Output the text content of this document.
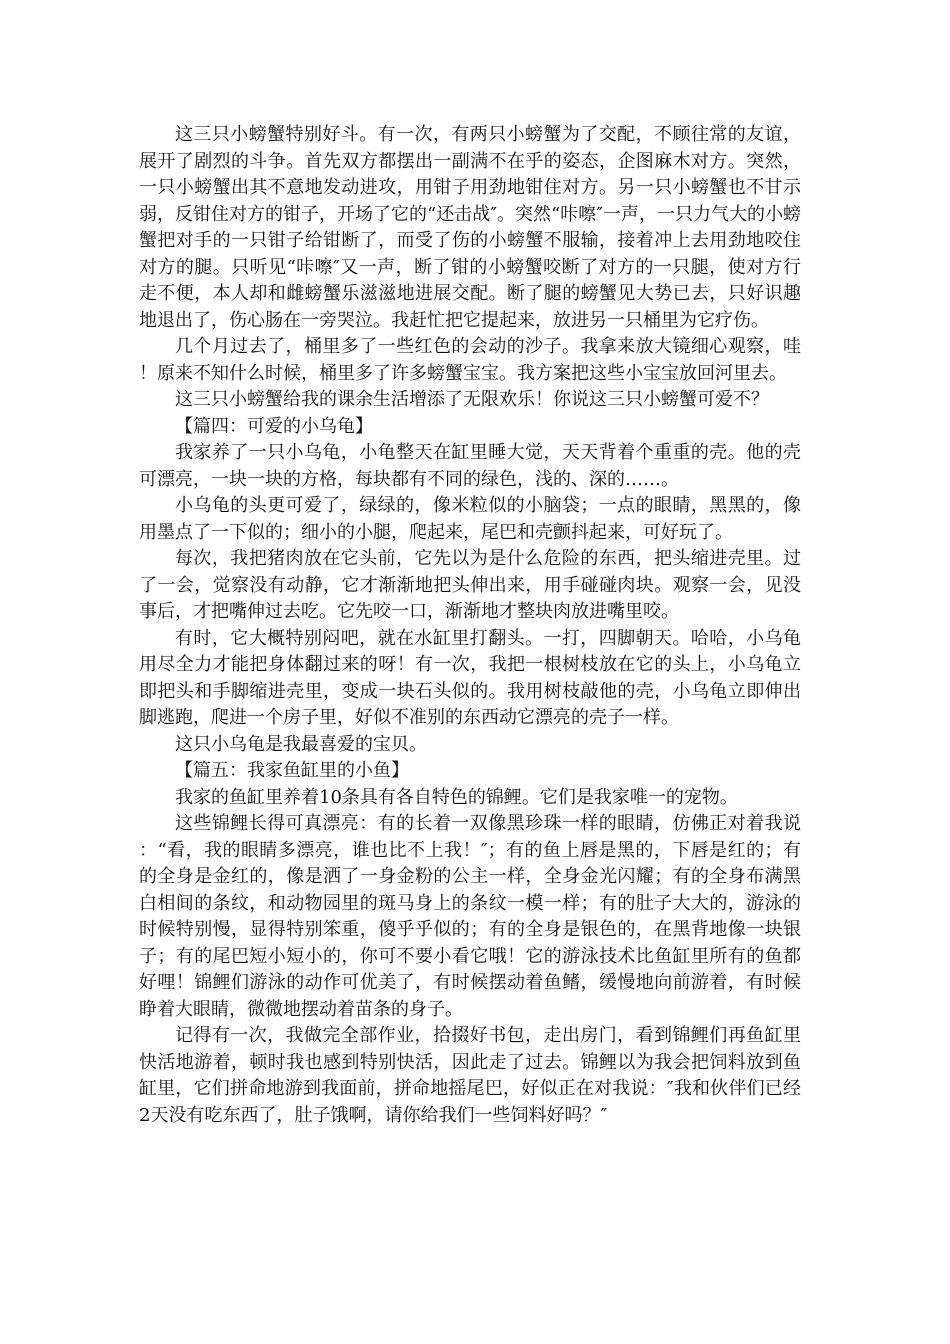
这三只小螃蟹特别好斗。有一次，有两只小螃蟹为了交配，不顾往常的友谊，展开了剧烈的斗争。首先双方都摆出一副满不在乎的姿态，企图麻木对方。突然，一只小螃蟹出其不意地发动进攻，用钳子用劲地钳住对方。另一只小螃蟹也不甘示弱，反钳住对方的钳子，开场了它的“还击战″。突然“咔嚓″一声，一只力气大的小螃蟹把对手的一只钳子给钳断了，而受了伤的小螃蟹不服输，接着冲上去用劲地咬住对方的腿。只听见“咔嚓″又一声，断了钳的小螃蟹咬断了对方的一只腿，使对方行走不便，本人却和雌螃蟹乐滋滋地进展交配。断了腿的螃蟹见大势已去，只好识趣地退出了，伤心肠在一旁哭泣。我赶忙把它提起来，放进另一只桶里为它疗伤。

几个月过去了，桶里多了一些红色的会动的沙子。我拿来放大镜细心观察，哇！原来不知什么时候，桶里多了许多螃蟹宝宝。我方案把这些小宝宝放回河里去。

这三只小螃蟹给我的课余生活增添了无限欢乐！你说这三只小螃蟹可爱不？

【篇四：可爱的小乌龟】

我家养了一只小乌龟，小龟整天在缸里睡大觉，天天背着个重重的壳。他的壳可漂亮，一块一块的方格，每块都有不同的绿色，浅的、深的……。

小乌龟的头更可爱了，绿绿的，像米粒似的小脑袋；一点的眼睛，黑黑的，像用墨点了一下似的；细小的小腿，爬起来，尾巴和壳颤抖起来，可好玩了。

每次，我把猪肉放在它头前，它先以为是什么危险的东西，把头缩进壳里。过了一会，觉察没有动静，它才渐渐地把头伸出来，用手碰碰肉块。观察一会，见没事后，才把嘴伸过去吃。它先咬一口，渐渐地才整块肉放进嘴里咬。

有时，它大概特别闷吧，就在水缸里打翻头。一打，四脚朝天。哈哈，小乌龟用尽全力才能把身体翻过来的呀！有一次，我把一根树枝放在它的头上，小乌龟立即把头和手脚缩进壳里，变成一块石头似的。我用树枝敲他的壳，小乌龟立即伸出脚逃跑，爬进一个房子里，好似不准别的东西动它漂亮的壳子一样。

这只小乌龟是我最喜爱的宝贝。

【篇五：我家鱼缸里的小鱼】

我家的鱼缸里养着10条具有各自特色的锦鲤。它们是我家唯一的宠物。

这些锦鲤长得可真漂亮：有的长着一双像黑珍珠一样的眼睛，仿佛正对着我说：“看，我的眼睛多漂亮，谁也比不上我！″；有的鱼上唇是黑的，下唇是红的；有的全身是金红的，像是洒了一身金粉的公主一样，全身金光闪耀；有的全身布满黑白相间的条纹，和动物园里的斑马身上的条纹一模一样；有的肚子大大的，游泳的时候特别慢，显得特别笨重，傻乎乎似的；有的全身是银色的，在黑背地像一块银子；有的尾巴短小短小的，你可不要小看它哦！它的游泳技术比鱼缸里所有的鱼都好哩！锦鲤们游泳的动作可优美了，有时候摆动着鱼鳍，缓慢地向前游着，有时候睁着大眼睛，微微地摆动着苗条的身子。

记得有一次，我做完全部作业，拾掇好书包，走出房门，看到锦鲤们再鱼缸里快活地游着，顿时我也感到特别快活，因此走了过去。锦鲤以为我会把饲料放到鱼缸里，它们拼命地游到我面前，拼命地摇尾巴，好似正在对我说：″我和伙伴们已经2天没有吃东西了，肚子饿啊，请你给我们一些饲料好吗？″
